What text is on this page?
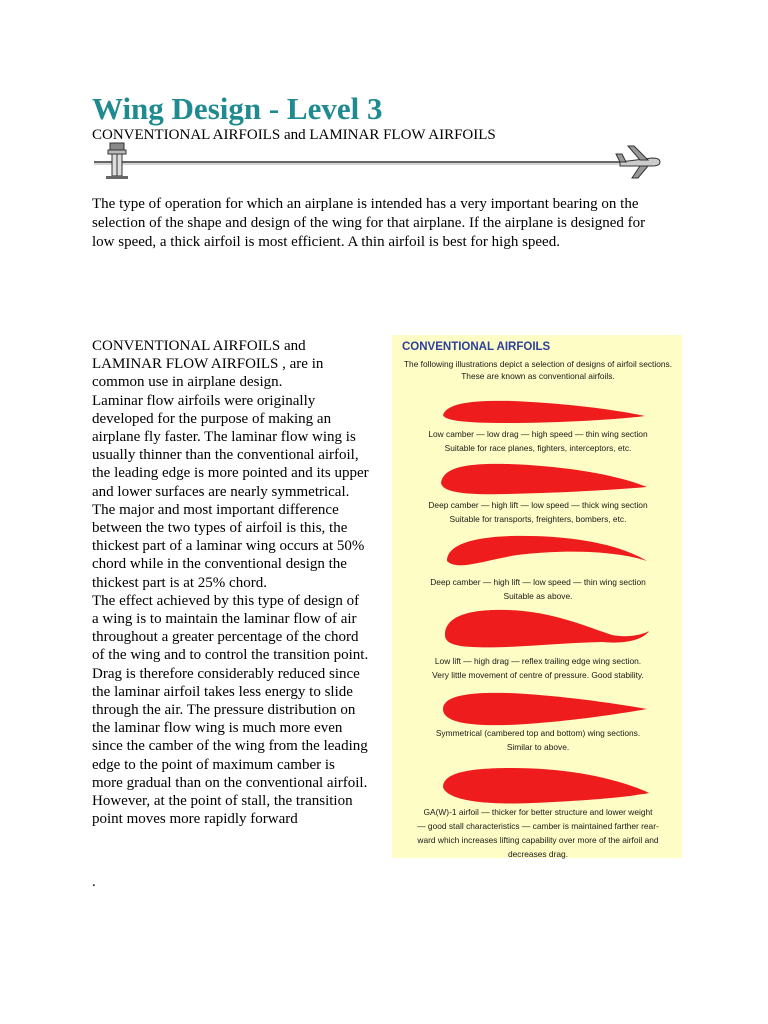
Wing Design - Level 3
CONVENTIONAL AIRFOILS and LAMINAR FLOW AIRFOILS

The type of operation for which an airplane is intended has a very important bearing on the selection of the shape and design of the wing for that airplane. If the airplane is designed for low speed, a thick airfoil is most efficient. A thin airfoil is best for high speed.

CONVENTIONAL AIRFOILS and
LAMINAR FLOW AIRFOILS , are in
common use in airplane design.
Laminar flow airfoils were originally
developed for the purpose of making an
airplane fly faster. The laminar flow wing is
usually thinner than the conventional airfoil,
the leading edge is more pointed and its upper
and lower surfaces are nearly symmetrical.
The major and most important difference
between the two types of airfoil is this, the
thickest part of a laminar wing occurs at 50%
chord while in the conventional design the
thickest part is at 25% chord.
The effect achieved by this type of design of
a wing is to maintain the laminar flow of air
throughout a greater percentage of the chord
of the wing and to control the transition point.
Drag is therefore considerably reduced since
the laminar airfoil takes less energy to slide
through the air. The pressure distribution on
the laminar flow wing is much more even
since the camber of the wing from the leading
edge to the point of maximum camber is
more gradual than on the conventional airfoil.
However, at the point of stall, the transition
point moves more rapidly forward
CONVENTIONAL AIRFOILS
The following illustrations depict a selection of designs of airfoil sections. These are known as conventional airfoils.
Low camber — low drag — high speed — thin wing section
Suitable for race planes, fighters, interceptors, etc.
Deep camber — high lift — low speed — thick wing section
Suitable for transports, freighters, bombers, etc.
Deep camber — high lift — low speed — thin wing section
Suitable as above.
Low lift — high drag — reflex trailing edge wing section.
Very little movement of centre of pressure. Good stability.
Symmetrical (cambered top and bottom) wing sections.
Similar to above.
GA(W)-1 airfoil — thicker for better structure and lower weight
— good stall characteristics — camber is maintained farther rear-
ward which increases lifting capability over more of the airfoil and decreases drag.
.
